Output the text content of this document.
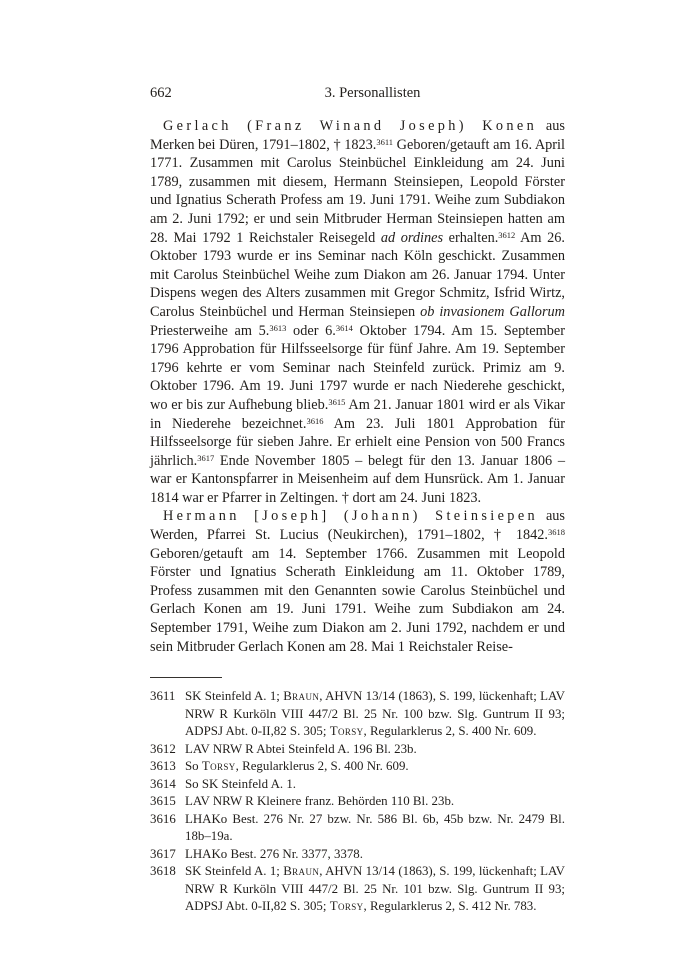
662	3. Personallisten

Gerlach (Franz Winand Joseph) Konen aus Merken bei Düren, 1791–1802, † 1823.$^{3611}$ Geboren/getauft am 16. April 1771. Zusammen mit Carolus Steinbüchel Einkleidung am 24. Juni 1789, zusammen mit diesem, Hermann Steinsiepen, Leopold Förster und Ignatius Scherath Profess am 19. Juni 1791. Weihe zum Subdiakon am 2. Juni 1792; er und sein Mitbruder Herman Steinsiepen hatten am 28. Mai 1792 1 Reichstaler Reisegeld ad ordines erhalten.$^{3612}$ Am 26. Oktober 1793 wurde er ins Seminar nach Köln geschickt. Zusammen mit Carolus Steinbüchel Weihe zum Diakon am 26. Januar 1794. Unter Dispens wegen des Alters zusammen mit Gregor Schmitz, Isfrid Wirtz, Carolus Steinbüchel und Herman Steinsiepen ob invasionem Gallorum Priesterweihe am 5.$^{3613}$ oder 6.$^{3614}$ Oktober 1794. Am 15. September 1796 Approbation für Hilfsseelsorge für fünf Jahre. Am 19. September 1796 kehrte er vom Seminar nach Steinfeld zurück. Primiz am 9. Oktober 1796. Am 19. Juni 1797 wurde er nach Niederehe geschickt, wo er bis zur Aufhebung blieb.$^{3615}$ Am 21. Januar 1801 wird er als Vikar in Niederehe bezeichnet.$^{3616}$ Am 23. Juli 1801 Approbation für Hilfsseelsorge für sieben Jahre. Er erhielt eine Pension von 500 Francs jährlich.$^{3617}$ Ende November 1805 – belegt für den 13. Januar 1806 – war er Kantonspfarrer in Meisenheim auf dem Hunsrück. Am 1. Januar 1814 war er Pfarrer in Zeltingen. † dort am 24. Juni 1823.

Hermann [Joseph] (Johann) Steinsiepen aus Werden, Pfarrei St. Lucius (Neukirchen), 1791–1802, † 1842.$^{3618}$ Geboren/getauft am 14. September 1766. Zusammen mit Leopold Förster und Ignatius Scherath Einkleidung am 11. Oktober 1789, Profess zusammen mit den Genannten sowie Carolus Steinbüchel und Gerlach Konen am 19. Juni 1791. Weihe zum Subdiakon am 24. September 1791, Weihe zum Diakon am 2. Juni 1792, nachdem er und sein Mitbruder Gerlach Konen am 28. Mai 1 Reichstaler Reise-

3611 SK Steinfeld A. 1; Braun, AHVN 13/14 (1863), S. 199, lückenhaft; LAV NRW R Kurköln VIII 447/2 Bl. 25 Nr. 100 bzw. Slg. Guntrum II 93; ADPSJ Abt. 0-II,82 S. 305; Torsy, Regularklerus 2, S. 400 Nr. 609.
3612 LAV NRW R Abtei Steinfeld A. 196 Bl. 23b.
3613 So Torsy, Regularklerus 2, S. 400 Nr. 609.
3614 So SK Steinfeld A. 1.
3615 LAV NRW R Kleinere franz. Behörden 110 Bl. 23b.
3616 LHAKo Best. 276 Nr. 27 bzw. Nr. 586 Bl. 6b, 45b bzw. Nr. 2479 Bl. 18b–19a.
3617 LHAKo Best. 276 Nr. 3377, 3378.
3618 SK Steinfeld A. 1; Braun, AHVN 13/14 (1863), S. 199, lückenhaft; LAV NRW R Kurköln VIII 447/2 Bl. 25 Nr. 101 bzw. Slg. Guntrum II 93; ADPSJ Abt. 0-II,82 S. 305; Torsy, Regularklerus 2, S. 412 Nr. 783.
